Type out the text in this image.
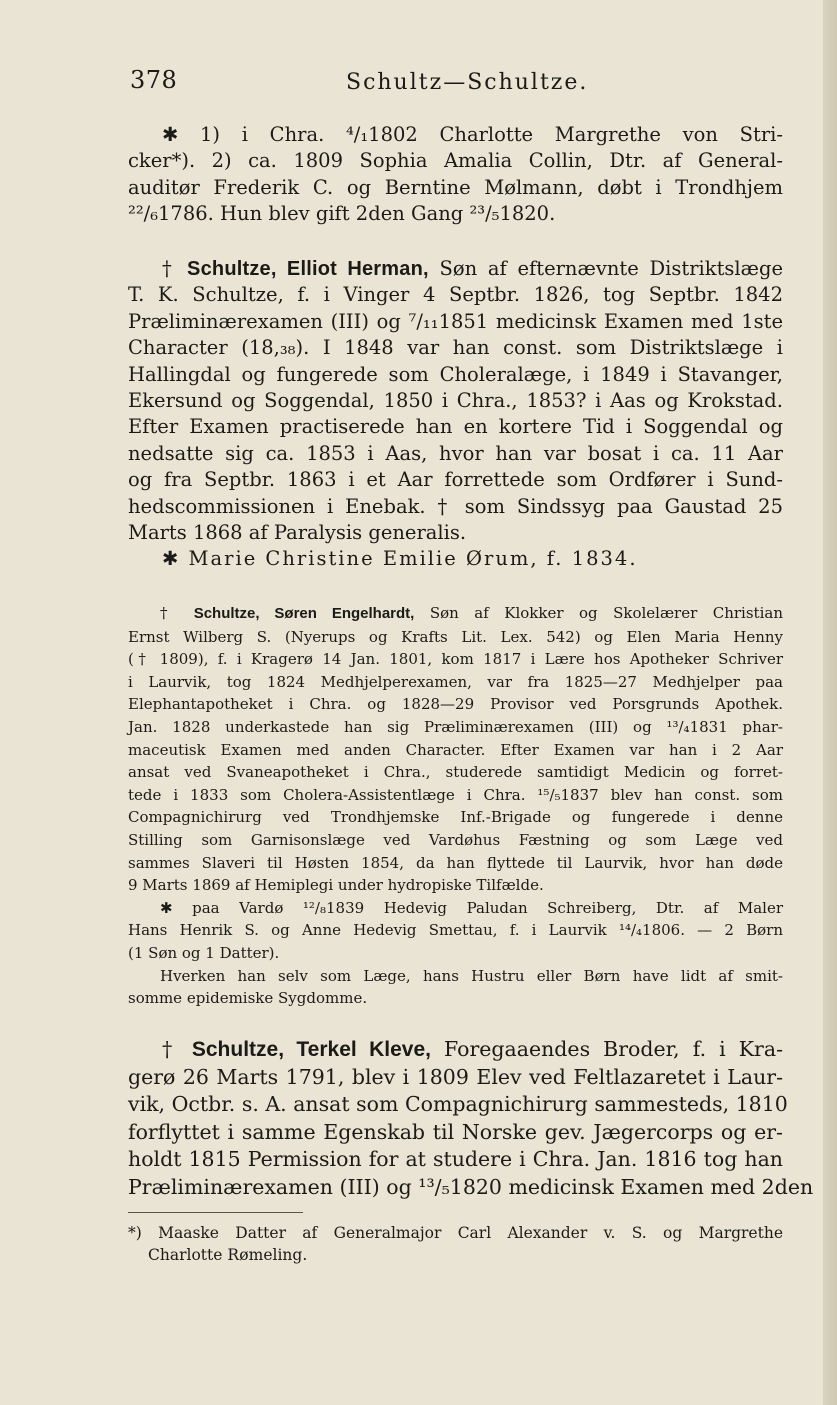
378	Schultz—Schultze.
✱ 1) i Chra. ⁴/₁1802 Charlotte Margrethe von Stri-
cker*). 2) ca. 1809 Sophia Amalia Collin, Dtr. af General-
auditør Frederik C. og Berntine Mølmann, døbt i Trondhjem
²²/₆1786. Hun blev gift 2den Gang ²³/₅1820.
† Schultze, Elliot Herman, Søn af efternævnte Distriktslæge
T. K. Schultze, f. i Vinger 4 Septbr. 1826, tog Septbr. 1842
Præliminærexamen (III) og ⁷/₁₁1851 medicinsk Examen med 1ste
Character (18,₃₈). I 1848 var han const. som Distriktslæge i
Hallingdal og fungerede som Choleralæge, i 1849 i Stavanger,
Ekersund og Soggendal, 1850 i Chra., 1853? i Aas og Krokstad.
Efter Examen practiserede han en kortere Tid i Soggendal og
nedsatte sig ca. 1853 i Aas, hvor han var bosat i ca. 11 Aar
og fra Septbr. 1863 i et Aar forrettede som Ordfører i Sund-
hedscommissionen i Enebak. † som Sindssyg paa Gaustad 25
Marts 1868 af Paralysis generalis.
✱ Marie Christine Emilie Ørum, f. 1834.
† Schultze, Søren Engelhardt, Søn af Klokker og Skolelærer Christian
Ernst Wilberg S. (Nyerups og Krafts Lit. Lex. 542) og Elen Maria Henny
(† 1809), f. i Kragerø 14 Jan. 1801, kom 1817 i Lære hos Apotheker Schriver
i Laurvik, tog 1824 Medhjelperexamen, var fra 1825—27 Medhjelper paa
Elephantapotheket i Chra. og 1828—29 Provisor ved Porsgrunds Apothek.
Jan. 1828 underkastede han sig Præliminærexamen (III) og ¹³/₄1831 phar-
maceutisk Examen med anden Character. Efter Examen var han i 2 Aar
ansat ved Svaneapotheket i Chra., studerede samtidigt Medicin og forret-
tede i 1833 som Cholera-Assistentlæge i Chra. ¹⁵/₅1837 blev han const. som
Compagnichirurg ved Trondhjemske Inf.-Brigade og fungerede i denne
Stilling som Garnisonslæge ved Vardøhus Fæstning og som Læge ved
sammes Slaveri til Høsten 1854, da han flyttede til Laurvik, hvor han døde
9 Marts 1869 af Hemiplegi under hydropiske Tilfælde.
✱ paa Vardø ¹²/₈1839 Hedevig Paludan Schreiberg, Dtr. af Maler
Hans Henrik S. og Anne Hedevig Smettau, f. i Laurvik ¹⁴/₄1806. — 2 Børn
(1 Søn og 1 Datter).
Hverken han selv som Læge, hans Hustru eller Børn have lidt af smit-
somme epidemiske Sygdomme.
† Schultze, Terkel Kleve, Foregaaendes Broder, f. i Kra-
gerø 26 Marts 1791, blev i 1809 Elev ved Feltlazaretet i Laur-
vik, Octbr. s. A. ansat som Compagnichirurg sammesteds, 1810
forflyttet i samme Egenskab til Norske gev. Jægercorps og er-
holdt 1815 Permission for at studere i Chra. Jan. 1816 tog han
Præliminærexamen (III) og ¹³/₅1820 medicinsk Examen med 2den
*) Maaske Datter af Generalmajor Carl Alexander v. S. og Margrethe
Charlotte Rømeling.
